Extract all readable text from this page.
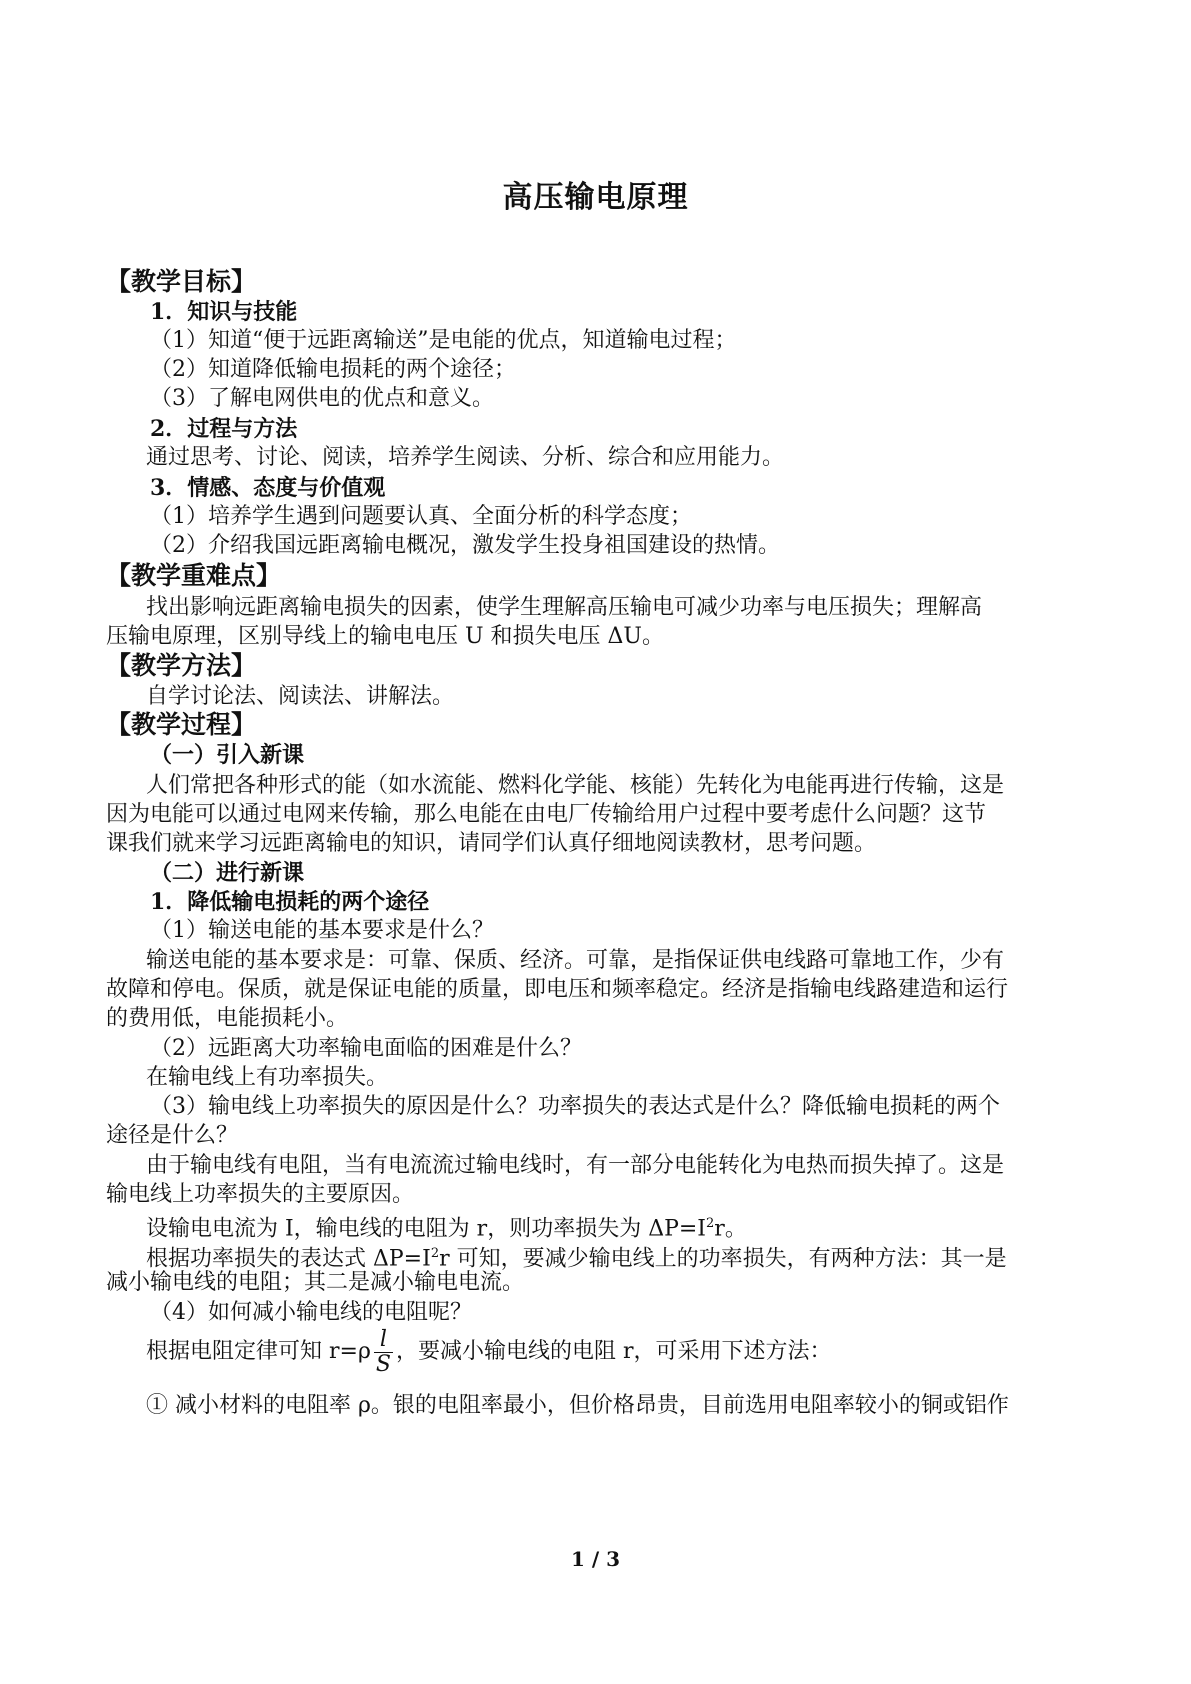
高压输电原理
【教学目标】
1．知识与技能
（1）知道“便于远距离输送”是电能的优点，知道输电过程；
（2）知道降低输电损耗的两个途径；
（3）了解电网供电的优点和意义。
2．过程与方法
通过思考、讨论、阅读，培养学生阅读、分析、综合和应用能力。
3．情感、态度与价值观
（1）培养学生遇到问题要认真、全面分析的科学态度；
（2）介绍我国远距离输电概况，激发学生投身祖国建设的热情。
【教学重难点】
找出影响远距离输电损失的因素，使学生理解高压输电可减少功率与电压损失；理解高
压输电原理，区别导线上的输电电压 U 和损失电压 ΔU。
【教学方法】
自学讨论法、阅读法、讲解法。
【教学过程】
（一）引入新课
人们常把各种形式的能（如水流能、燃料化学能、核能）先转化为电能再进行传输，这是
因为电能可以通过电网来传输，那么电能在由电厂传输给用户过程中要考虑什么问题？这节
课我们就来学习远距离输电的知识，请同学们认真仔细地阅读教材，思考问题。
（二）进行新课
1．降低输电损耗的两个途径
（1）输送电能的基本要求是什么？
输送电能的基本要求是：可靠、保质、经济。可靠，是指保证供电线路可靠地工作，少有
故障和停电。保质，就是保证电能的质量，即电压和频率稳定。经济是指输电线路建造和运行
的费用低，电能损耗小。
（2）远距离大功率输电面临的困难是什么？
在输电线上有功率损失。
（3）输电线上功率损失的原因是什么？功率损失的表达式是什么？降低输电损耗的两个
途径是什么？
由于输电线有电阻，当有电流流过输电线时，有一部分电能转化为电热而损失掉了。这是
输电线上功率损失的主要原因。
设输电电流为 I，输电线的电阻为 r，则功率损失为 $\Delta P=I^2r$。
根据功率损失的表达式 $\Delta P=I^2r$ 可知，要减少输电线上的功率损失，有两种方法：其一是
减小输电线的电阻；其二是减小输电电流。
（4）如何减小输电线的电阻呢？
根据电阻定律可知 $r=\rho \frac{l}{S}$ ，要减小输电线的电阻 r，可采用下述方法：
① 减小材料的电阻率 ρ。银的电阻率最小，但价格昂贵，目前选用电阻率较小的铜或铝作
1 / 3
